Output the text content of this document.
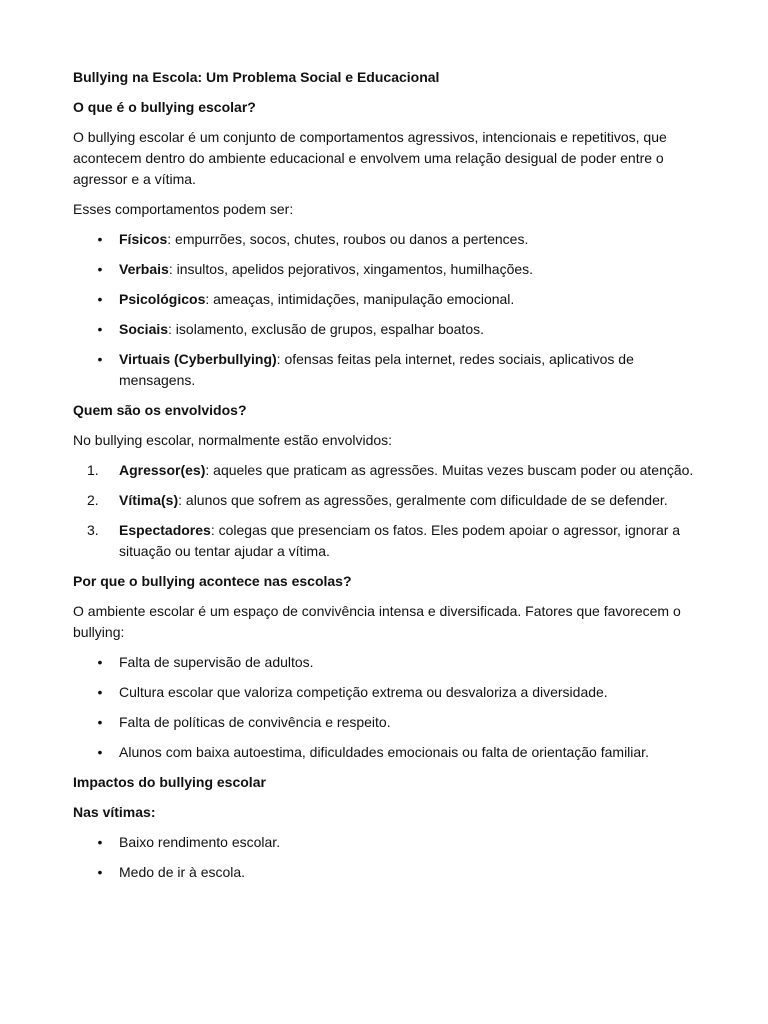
Bullying na Escola: Um Problema Social e Educacional
O que é o bullying escolar?
O bullying escolar é um conjunto de comportamentos agressivos, intencionais e repetitivos, que acontecem dentro do ambiente educacional e envolvem uma relação desigual de poder entre o agressor e a vítima.
Esses comportamentos podem ser:
• Físicos: empurrões, socos, chutes, roubos ou danos a pertences.
• Verbais: insultos, apelidos pejorativos, xingamentos, humilhações.
• Psicológicos: ameaças, intimidações, manipulação emocional.
• Sociais: isolamento, exclusão de grupos, espalhar boatos.
• Virtuais (Cyberbullying): ofensas feitas pela internet, redes sociais, aplicativos de mensagens.
Quem são os envolvidos?
No bullying escolar, normalmente estão envolvidos:
1.	Agressor(es): aqueles que praticam as agressões. Muitas vezes buscam poder ou atenção.
2.	Vítima(s): alunos que sofrem as agressões, geralmente com dificuldade de se defender.
3.	Espectadores: colegas que presenciam os fatos. Eles podem apoiar o agressor, ignorar a situação ou tentar ajudar a vítima.
Por que o bullying acontece nas escolas?
O ambiente escolar é um espaço de convivência intensa e diversificada. Fatores que favorecem o bullying:
• Falta de supervisão de adultos.
• Cultura escolar que valoriza competição extrema ou desvaloriza a diversidade.
• Falta de políticas de convivência e respeito.
• Alunos com baixa autoestima, dificuldades emocionais ou falta de orientação familiar.
Impactos do bullying escolar
Nas vítimas:
• Baixo rendimento escolar.
• Medo de ir à escola.
